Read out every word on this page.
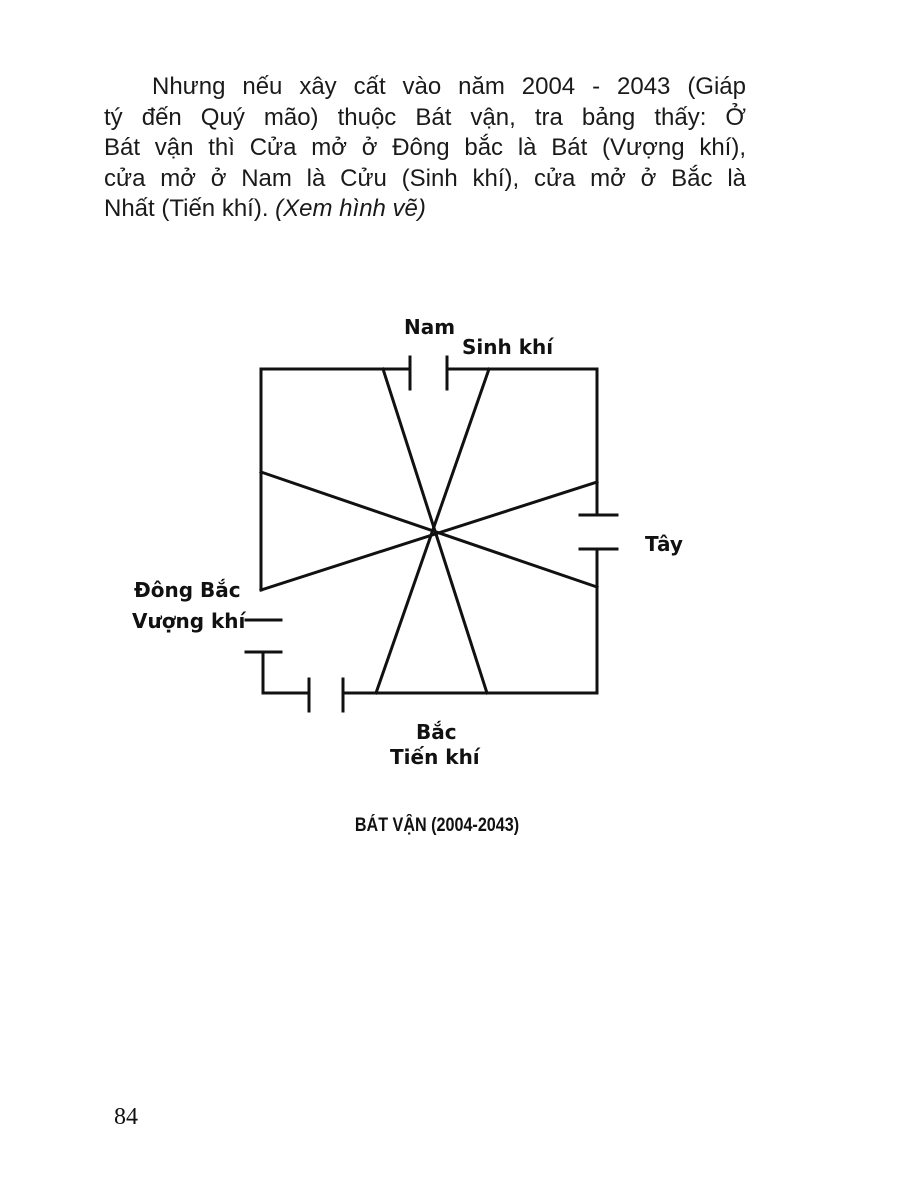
Nhưng nếu xây cất vào năm 2004 - 2043 (Giáp
tý đến Quý mão) thuộc Bát vận, tra bảng thấy: Ở
Bát vận thì Cửa mở ở Đông bắc là Bát (Vượng khí),
cửa mở ở Nam là Cửu (Sinh khí), cửa mở ở Bắc là
Nhất (Tiến khí). (Xem hình vẽ)
Nam
Sinh khí
Tây
Đông Bắc
Vượng khí
Bắc
Tiến khí
BÁT VẬN (2004-2043)
84
